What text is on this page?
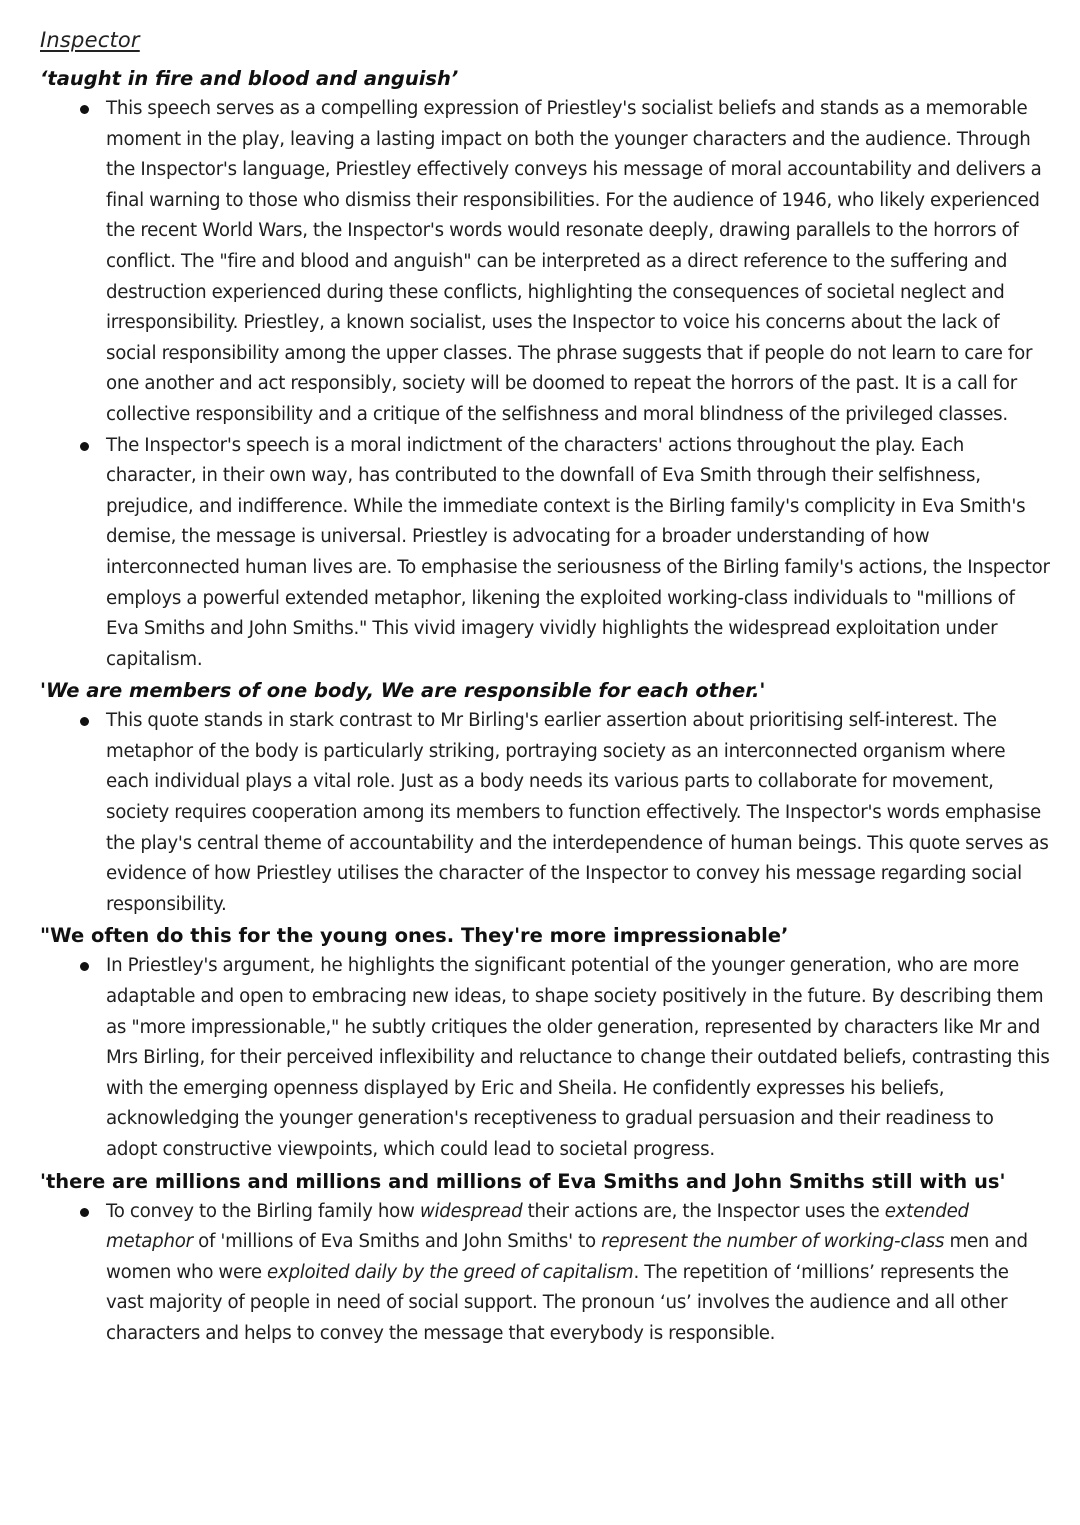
Inspector

‘taught in fire and blood and anguish’

This speech serves as a compelling expression of Priestley's socialist beliefs and stands as a memorable moment in the play, leaving a lasting impact on both the younger characters and the audience. Through the Inspector's language, Priestley effectively conveys his message of moral accountability and delivers a final warning to those who dismiss their responsibilities. For the audience of 1946, who likely experienced the recent World Wars, the Inspector's words would resonate deeply, drawing parallels to the horrors of conflict. The "fire and blood and anguish" can be interpreted as a direct reference to the suffering and destruction experienced during these conflicts, highlighting the consequences of societal neglect and irresponsibility. Priestley, a known socialist, uses the Inspector to voice his concerns about the lack of social responsibility among the upper classes. The phrase suggests that if people do not learn to care for one another and act responsibly, society will be doomed to repeat the horrors of the past. It is a call for collective responsibility and a critique of the selfishness and moral blindness of the privileged classes.
The Inspector's speech is a moral indictment of the characters' actions throughout the play. Each character, in their own way, has contributed to the downfall of Eva Smith through their selfishness, prejudice, and indifference. While the immediate context is the Birling family's complicity in Eva Smith's demise, the message is universal. Priestley is advocating for a broader understanding of how interconnected human lives are. To emphasise the seriousness of the Birling family's actions, the Inspector employs a powerful extended metaphor, likening the exploited working-class individuals to "millions of Eva Smiths and John Smiths." This vivid imagery vividly highlights the widespread exploitation under capitalism.

'We are members of one body, We are responsible for each other.'

This quote stands in stark contrast to Mr Birling's earlier assertion about prioritising self-interest. The metaphor of the body is particularly striking, portraying society as an interconnected organism where each individual plays a vital role. Just as a body needs its various parts to collaborate for movement, society requires cooperation among its members to function effectively. The Inspector's words emphasise the play's central theme of accountability and the interdependence of human beings. This quote serves as evidence of how Priestley utilises the character of the Inspector to convey his message regarding social responsibility.

"We often do this for the young ones. They're more impressionable’

In Priestley's argument, he highlights the significant potential of the younger generation, who are more adaptable and open to embracing new ideas, to shape society positively in the future. By describing them as "more impressionable," he subtly critiques the older generation, represented by characters like Mr and Mrs Birling, for their perceived inflexibility and reluctance to change their outdated beliefs, contrasting this with the emerging openness displayed by Eric and Sheila. He confidently expresses his beliefs, acknowledging the younger generation's receptiveness to gradual persuasion and their readiness to adopt constructive viewpoints, which could lead to societal progress.

'there are millions and millions and millions of Eva Smiths and John Smiths still with us'

To convey to the Birling family how widespread their actions are, the Inspector uses the extended metaphor of 'millions of Eva Smiths and John Smiths' to represent the number of working-class men and women who were exploited daily by the greed of capitalism. The repetition of ‘millions’ represents the vast majority of people in need of social support. The pronoun ‘us’ involves the audience and all other characters and helps to convey the message that everybody is responsible.
